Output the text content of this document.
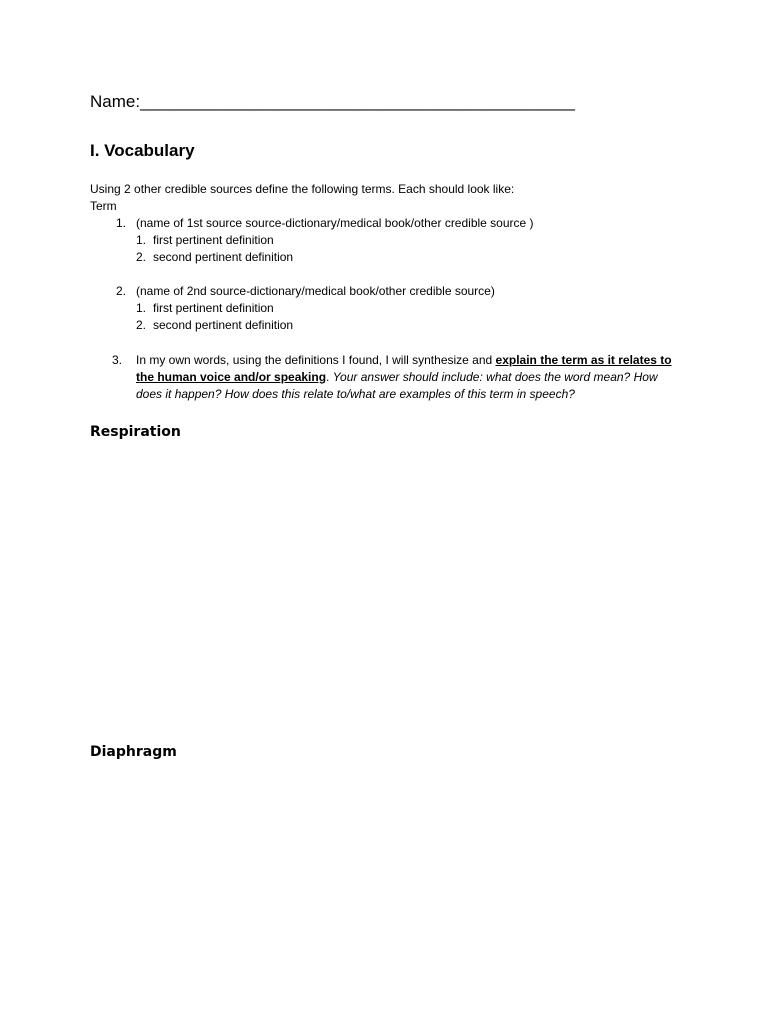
Name:______________________________________________
I. Vocabulary
Using 2 other credible sources define the following terms. Each should look like:
Term
1. (name of 1st source source-dictionary/medical book/other credible source )
1. first pertinent definition
2. second pertinent definition
2. (name of 2nd source-dictionary/medical book/other credible source)
1. first pertinent definition
2. second pertinent definition
3. In my own words, using the definitions I found, I will synthesize and explain the term as it relates to the human voice and/or speaking. Your answer should include: what does the word mean? How does it happen? How does this relate to/what are examples of this term in speech?
Respiration
Diaphragm
